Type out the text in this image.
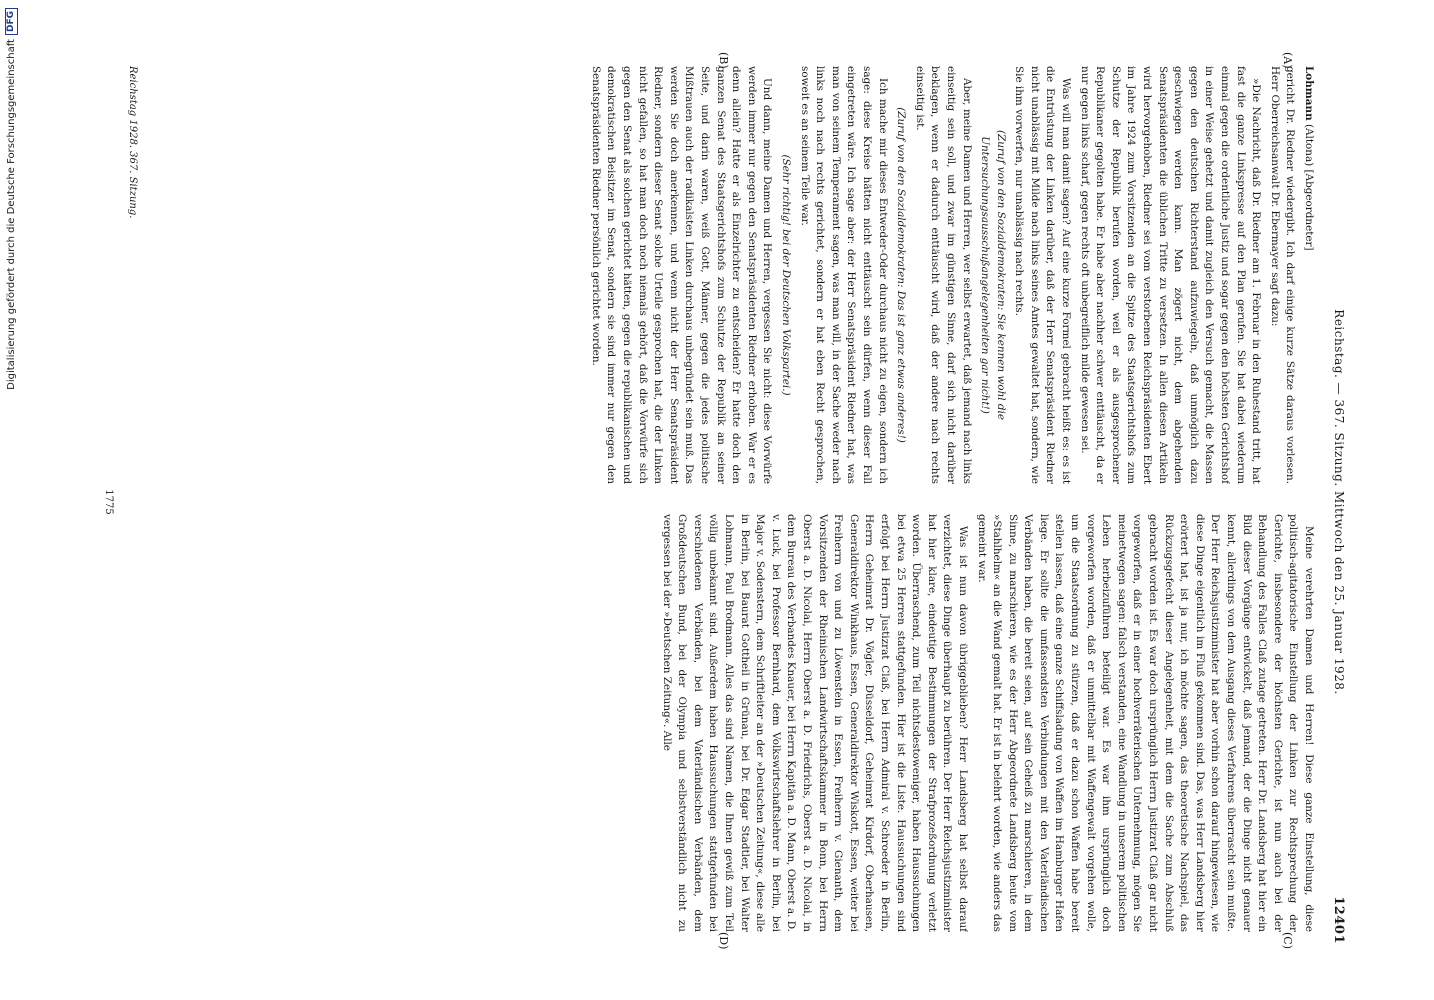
Digitalisierung gefördert durch die Deutsche Forschungsgemeinschaft
DFG
Reichstag. — 367. Sitzung. Mittwoch den 25. Januar 1928.
12401
(A)
(B)
(C)
(D)

Lohmann (Altona) [Abgeordneter]

gericht Dr. Riedner wiedergibt. Ich darf einige kurze Sätze daraus vorlesen. Herr Oberreichsanwalt Dr. Ebermayer sagt dazu:

»Die Nachricht, daß Dr. Riedner am 1. Februar in den Ruhestand tritt, hat fast die ganze Linkspresse auf den Plan gerufen. Sie hat dabei wiederum einmal gegen die ordentliche Justiz und sogar gegen den höchsten Gerichtshof in einer Weise gehetzt und damit zugleich den Versuch gemacht, die Massen gegen den deutschen Richterstand aufzuwiegeln, daß unmöglich dazu geschwiegen werden kann. Man zögert nicht, dem abgehenden Senatspräsidenten die üblichen Tritte zu versetzen. In allen diesen Artikeln wird hervorgehoben, Riedner sei vom verstorbenen Reichspräsidenten Ebert im Jahre 1924 zum Vorsitzenden an die Spitze des Staatsgerichtshofs zum Schutze der Republik berufen worden, weil er als ausgesprochener Republikaner gegolten habe. Er habe aber nachher schwer enttäuscht, da er nur gegen links scharf, gegen rechts oft unbegreiflich milde gewesen sei.

Was will man damit sagen? Auf eine kurze Formel gebracht heißt es: es ist die Entrüstung der Linken darüber, daß der Herr Senatspräsident Riedner nicht unablässig mit Milde nach links seines Amtes gewaltet hat, sondern, wie Sie ihm vorwerfen, nur unablässig nach rechts.

(Zuruf von den Sozialdemokraten: Sie kennen wohl die Untersuchungsausschußangelegenheiten gar nicht!)

Aber, meine Damen und Herren, wer selbst erwartet, daß jemand nach links einseitig sein soll, und zwar im günstigen Sinne, darf sich nicht darüber beklagen, wenn er dadurch enttäuscht wird, daß der andere nach rechts einseitig ist.

(Zuruf von den Sozialdemokraten: Das ist ganz etwas anderes!)

Ich mache mir dieses Entweder-Oder durchaus nicht zu eigen, sondern ich sage: diese Kreise hätten nicht enttäuscht sein dürfen, wenn dieser Fall eingetreten wäre. Ich sage aber: der Herr Senatspräsident Riedner hat, was man von seinem Temperament sagen, was man will, in der Sache weder nach links noch nach rechts gerichtet, sondern er hat eben Recht gesprochen, soweit es an seinem Teile war.

(Sehr richtig! bei der Deutschen Volkspartei.)

Und dann, meine Damen und Herren, vergessen Sie nicht: diese Vorwürfe werden immer nur gegen den Senatspräsidenten Riedner erhoben. War er es denn allein? Hatte er als Einzelrichter zu entscheiden? Er hatte doch den ganzen Senat des Staatsgerichtshofs zum Schutze der Republik an seiner Seite, und darin waren, weiß Gott, Männer, gegen die jedes politische Mißtrauen auch der radikalsten Linken durchaus unbegründet sein muß. Das werden Sie doch anerkennen, und wenn nicht der Herr Senatspräsident Riedner, sondern dieser Senat solche Urteile gesprochen hat, die der Linken nicht gefallen, so hat man doch noch niemals gehört, daß die Vorwürfe sich gegen den Senat als solchen gerichtet hätten, gegen die republikanischen und demokratischen Beisitzer im Senat, sondern sie sind immer nur gegen den Senatspräsidenten Riedner persönlich gerichtet worden.

Meine verehrten Damen und Herren! Diese ganze Einstellung, diese politisch-agitatorische Einstellung der Linken zur Rechtsprechung der Gerichte, insbesondere der höchsten Gerichte, ist nun auch bei der Behandlung des Falles Claß zutage getreten. Herr Dr. Landsberg hat hier ein Bild dieser Vorgänge entwickelt, daß jemand, der die Dinge nicht genauer kennt, allerdings von dem Ausgang dieses Verfahrens überrascht sein mußte. Der Herr Reichsjustizminister hat aber vorhin schon darauf hingewiesen, wie diese Dinge eigentlich im Fluß gekommen sind. Das, was Herr Landsberg hier erörtert hat, ist ja nur, ich möchte sagen, das theoretische Nachspiel, das Rückzugsgefecht dieser Angelegenheit, mit dem die Sache zum Abschluß gebracht worden ist. Es war doch ursprünglich Herrn Justizrat Claß gar nicht vorgeworfen, daß er in einer hochverräterischen Unternehmung, mögen Sie meinetwegen sagen: falsch verstanden, eine Wandlung in unserem politischen Leben herbeizuführen beteiligt war. Es war ihm ursprünglich doch vorgeworfen worden, daß er unmittelbar mit Waffengewalt vorgehen wolle, um die Staatsordnung zu stürzen, daß er dazu schon Waffen habe bereit stellen lassen, daß eine ganze Schiffsladung von Waffen im Hamburger Hafen liege. Er sollte die umfassendsten Verbindungen mit den Vaterländischen Verbänden haben, die bereit seien, auf sein Geheiß zu marschieren, in dem Sinne, zu marschieren, wie es der Herr Abgeordnete Landsberg heute vom »Stahlhelm« an die Wand gemalt hat. Er ist in belehrt worden, wie anders das gemeint war.

Was ist nun davon übriggeblieben? Herr Landsberg hat selbst darauf verzichtet, diese Dinge überhaupt zu berühren. Der Herr Reichsjustizminister hat hier klare, eindeutige Bestimmungen der Strafprozeßordnung verletzt worden. Überraschend, zum Teil nichtsdestoweniger, haben Haussuchungen bei etwa 25 Herren stattgefunden. Hier ist die Liste. Haussuchungen sind erfolgt bei Herrn Justizrat Claß, bei Herrn Admiral v. Schroeder in Berlin, Herrn Geheimrat Dr. Vögler, Düsseldorf, Geheimrat Kirdorf, Oberhausen, Generaldirektor Winkhaus, Essen, Generaldirektor Wiskott, Essen, weiter bei Freiherrn von und zu Löwenstein in Essen, Freiherrn v. Gienanth, dem Vorsitzenden der Rheinischen Landwirtschaftskammer in Bonn, bei Herrn Oberst a. D. Nicolai, Herrn Oberst a. D. Friedrichs, Oberst a. D. Nicolai, in dem Bureau des Verbandes Knauer, bei Herrn Kapitän a. D. Mann, Oberst a. D. v. Luck, bei Professor Bernhard, dem Volkswirtschaftslehrer in Berlin, bei Major v. Sodenstern, dem Schriftleiter an der »Deutschen Zeitung«, diese alle in Berlin, bei Baurat Gottheil in Grünau, bei Dr. Edgar Stadtler, bei Walter Lohmann, Paul Brodmann. Alles das sind Namen, die Ihnen gewiß zum Teil völlig unbekannt sind. Außerdem haben Haussuchungen stattgefunden bei verschiedenen Verbänden, bei dem Vaterländischen Verbänden, dem Großdeutschen Bund, bei der Olympia und selbstverständlich nicht zu vergessen bei der »Deutschen Zeitung«. Alle

Reichstag 1928. 367. Sitzung.
1775
